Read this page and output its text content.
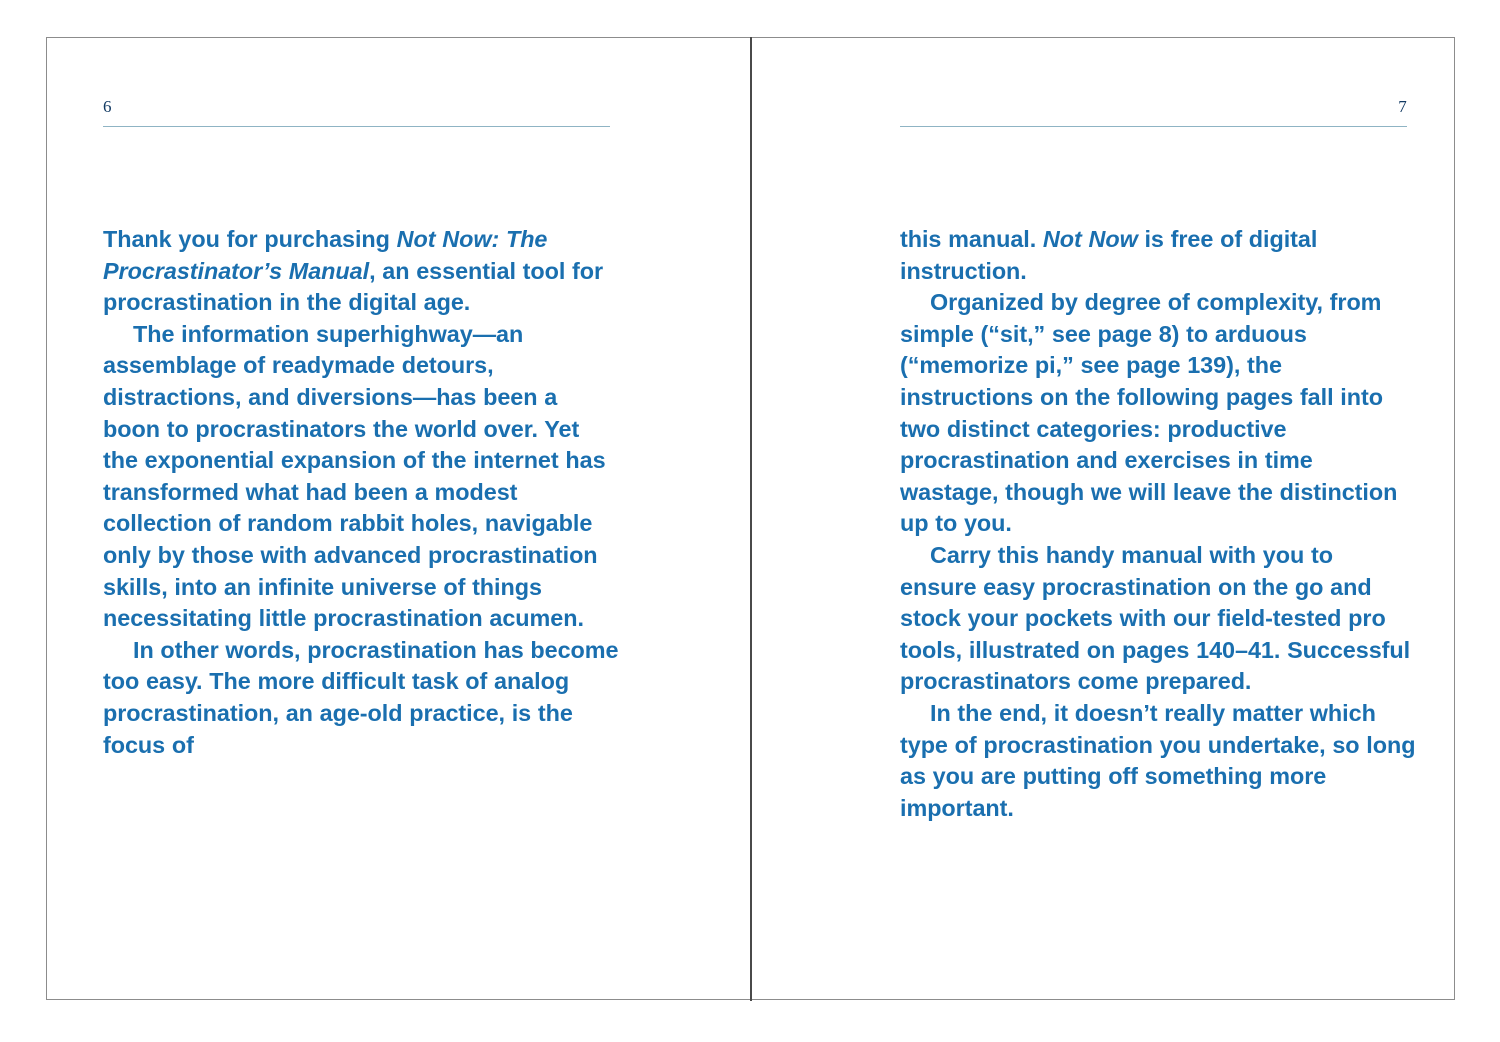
6

Thank you for purchasing Not Now: The Procrastinator’s Manual, an essential tool for procrastination in the digital age.

The information superhighway—an assemblage of readymade detours, distractions, and diversions—has been a boon to procrastinators the world over. Yet the exponential expansion of the internet has transformed what had been a modest collection of random rabbit holes, navigable only by those with advanced procrastination skills, into an infinite universe of things necessitating little procrastination acumen.

In other words, procrastination has become too easy. The more difficult task of analog procrastination, an age-old practice, is the focus of

7

this manual. Not Now is free of digital instruction.

Organized by degree of complexity, from simple (“sit,” see page 8) to arduous (“memorize pi,” see page 139), the instructions on the following pages fall into two distinct categories: productive procrastination and exercises in time wastage, though we will leave the distinction up to you.

Carry this handy manual with you to ensure easy procrastination on the go and stock your pockets with our field-tested pro tools, illustrated on pages 140–41. Successful procrastinators come prepared.

In the end, it doesn’t really matter which type of procrastination you undertake, so long as you are putting off something more important.
